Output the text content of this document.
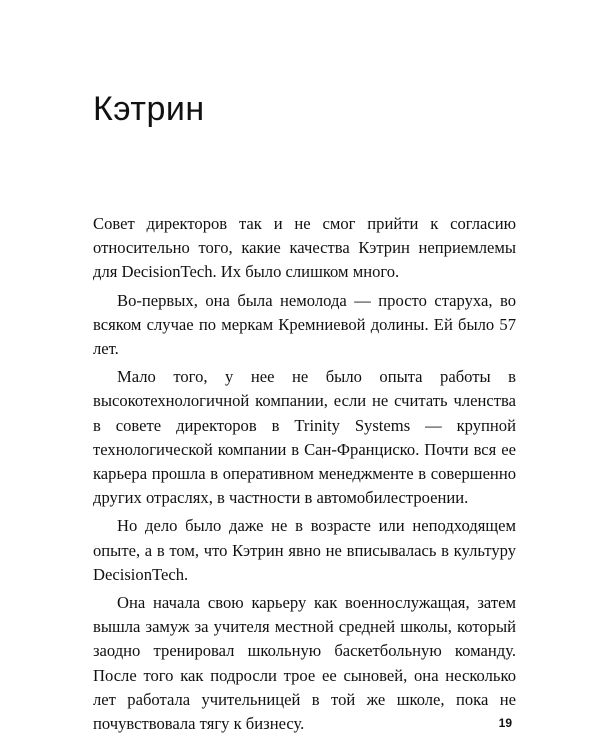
Кэтрин

Совет директоров так и не смог прийти к согласию относительно того, какие качества Кэтрин неприемлемы для DecisionTech. Их было слишком много.

Во-первых, она была немолода — просто старуха, во всяком случае по меркам Кремниевой долины. Ей было 57 лет.

Мало того, у нее не было опыта работы в высокотехнологичной компании, если не считать членства в совете директоров в Trinity Systems — крупной технологической компании в Сан-Франциско. Почти вся ее карьера прошла в оперативном менеджменте в совершенно других отраслях, в частности в автомобилестроении.

Но дело было даже не в возрасте или неподходящем опыте, а в том, что Кэтрин явно не вписывалась в культуру DecisionTech.

Она начала свою карьеру как военнослужащая, затем вышла замуж за учителя местной средней школы, который заодно тренировал школьную баскетбольную команду. После того как подросли трое ее сыновей, она несколько лет работала учительницей в той же школе, пока не почувствовала тягу к бизнесу.	19
